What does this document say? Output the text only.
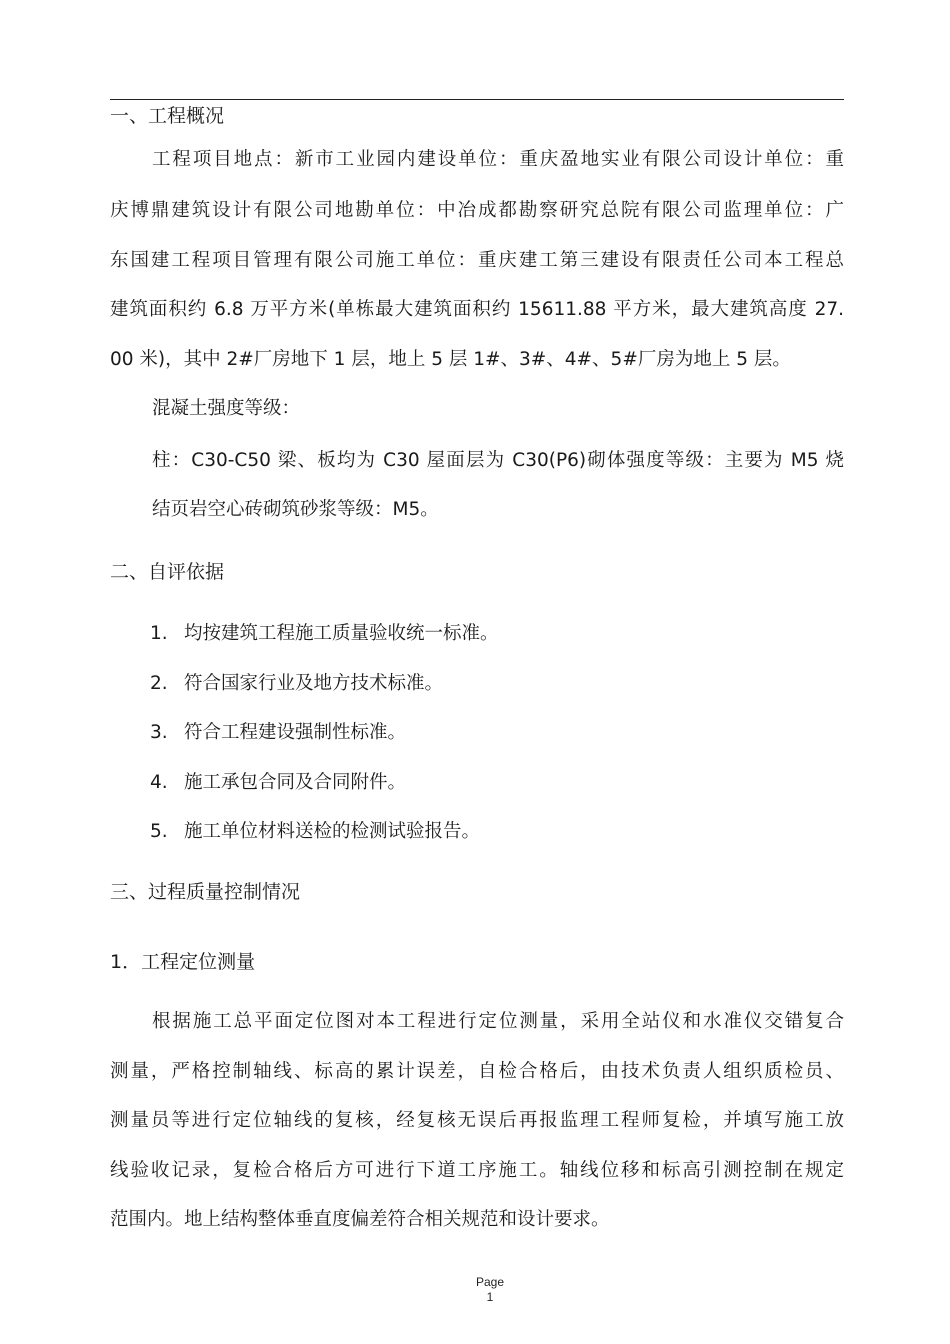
一、工程概况
工程项目地点：新市工业园内建设单位：重庆盈地实业有限公司设计单位：重
庆博鼎建筑设计有限公司地勘单位：中冶成都勘察研究总院有限公司监理单位：广
东国建工程项目管理有限公司施工单位：重庆建工第三建设有限责任公司本工程总
建筑面积约 6.8 万平方米(单栋最大建筑面积约 15611.88 平方米，最大建筑高度 27.
00 米)，其中 2#厂房地下 1 层，地上 5 层 1#、3#、4#、5#厂房为地上 5 层。
混凝土强度等级：
柱：C30-C50 梁、板均为 C30 屋面层为 C30(P6)砌体强度等级：主要为 M5 烧
结页岩空心砖砌筑砂浆等级：M5。
二、自评依据
1. 均按建筑工程施工质量验收统一标准。
2. 符合国家行业及地方技术标准。
3. 符合工程建设强制性标准。
4. 施工承包合同及合同附件。
5. 施工单位材料送检的检测试验报告。
三、过程质量控制情况
1．工程定位测量
根据施工总平面定位图对本工程进行定位测量，采用全站仪和水准仪交错复合
测量，严格控制轴线、标高的累计误差，自检合格后，由技术负责人组织质检员、
测量员等进行定位轴线的复核，经复核无误后再报监理工程师复检，并填写施工放
线验收记录，复检合格后方可进行下道工序施工。轴线位移和标高引测控制在规定
范围内。地上结构整体垂直度偏差符合相关规范和设计要求。
Page
1
